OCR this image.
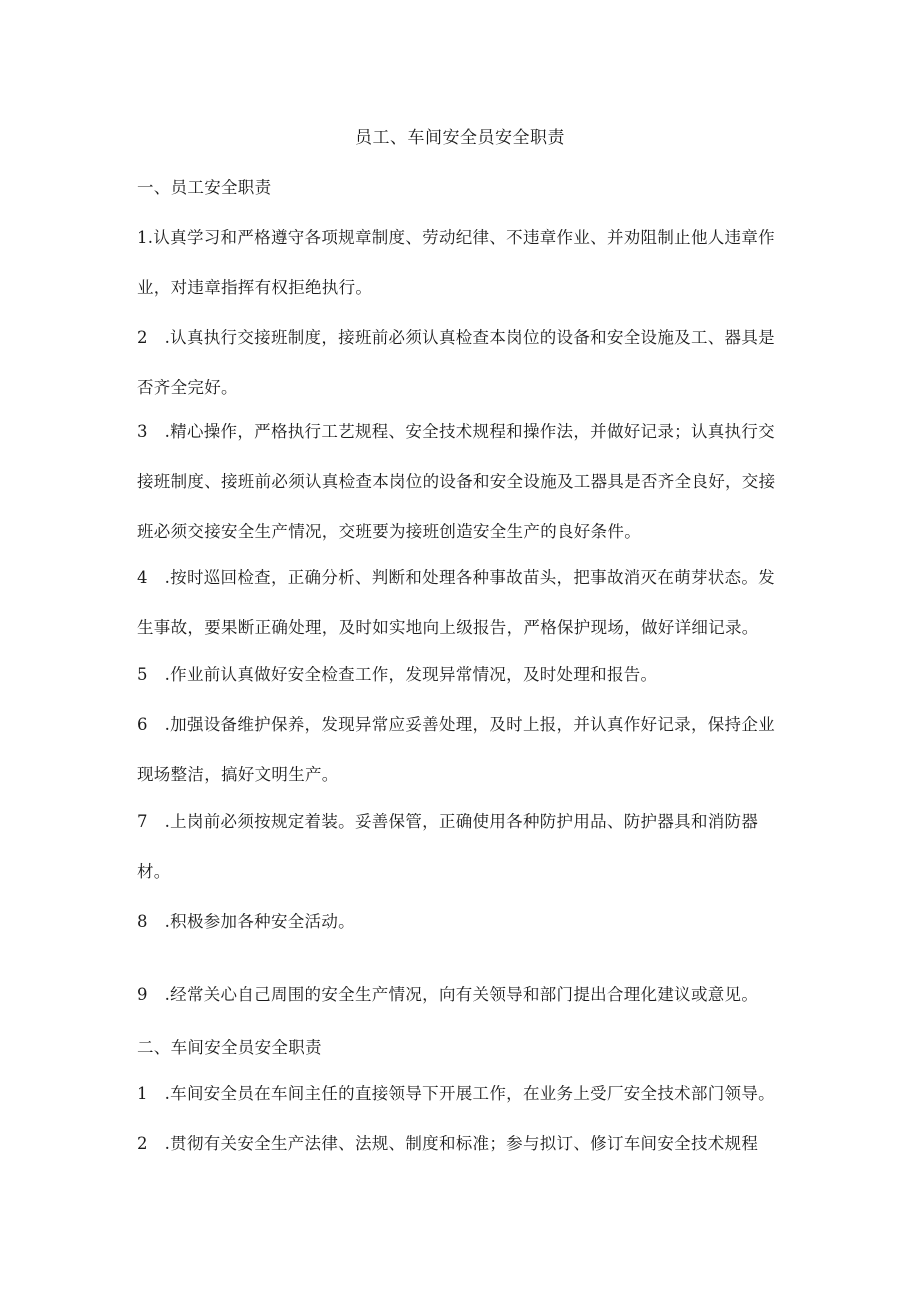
员工、车间安全员安全职责
一、员工安全职责
1.认真学习和严格遵守各项规章制度、劳动纪律、不违章作业、并劝阻制止他人违章作
业，对违章指挥有权拒绝执行。
2　.认真执行交接班制度，接班前必须认真检查本岗位的设备和安全设施及工、器具是
否齐全完好。
3　.精心操作，严格执行工艺规程、安全技术规程和操作法，并做好记录；认真执行交
接班制度、接班前必须认真检查本岗位的设备和安全设施及工器具是否齐全良好，交接
班必须交接安全生产情况，交班要为接班创造安全生产的良好条件。
4　.按时巡回检查，正确分析、判断和处理各种事故苗头，把事故消灭在萌芽状态。发
生事故，要果断正确处理，及时如实地向上级报告，严格保护现场，做好详细记录。
5　.作业前认真做好安全检查工作，发现异常情况，及时处理和报告。
6　.加强设备维护保养，发现异常应妥善处理，及时上报，并认真作好记录，保持企业
现场整洁，搞好文明生产。
7　.上岗前必须按规定着装。妥善保管，正确使用各种防护用品、防护器具和消防器
材。
8　.积极参加各种安全活动。
9　.经常关心自己周围的安全生产情况，向有关领导和部门提出合理化建议或意见。
二、车间安全员安全职责
1　.车间安全员在车间主任的直接领导下开展工作，在业务上受厂安全技术部门领导。
2　.贯彻有关安全生产法律、法规、制度和标准；参与拟订、修订车间安全技术规程
